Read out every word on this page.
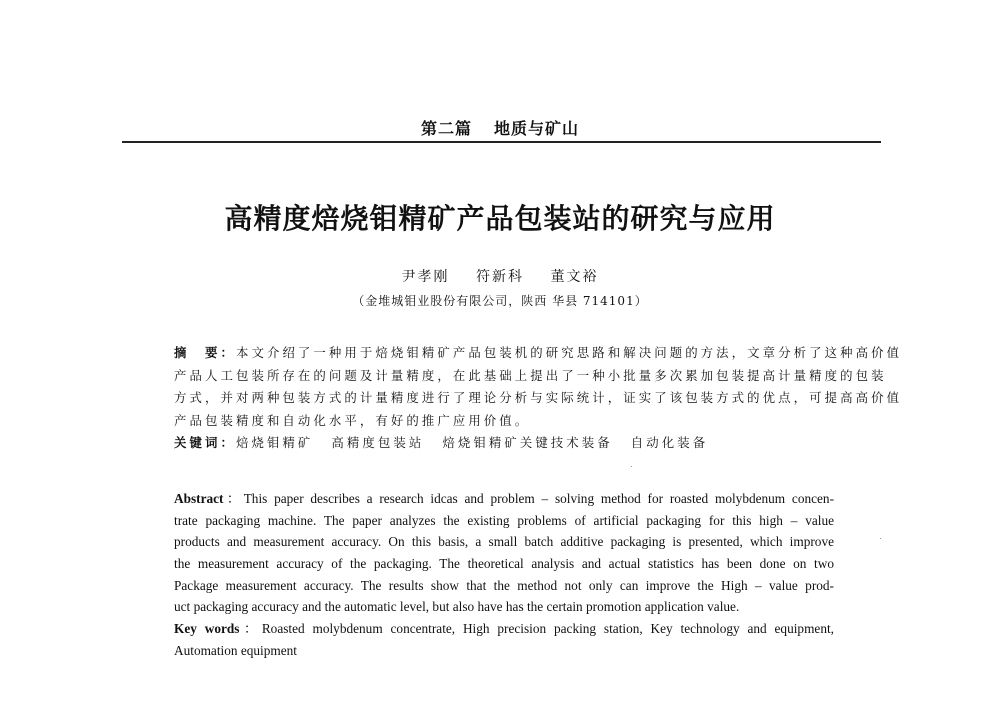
第二篇 地质与矿山
高精度焙烧钼精矿产品包装站的研究与应用
尹孝刚 符新科 董文裕
（金堆城钼业股份有限公司，陕西 华县 714101）
摘　要：本文介绍了一种用于焙烧钼精矿产品包装机的研究思路和解决问题的方法，文章分析了这种高价值
产品人工包装所存在的问题及计量精度，在此基础上提出了一种小批量多次累加包装提高计量精度的包装
方式，并对两种包装方式的计量精度进行了理论分析与实际统计，证实了该包装方式的优点，可提高高价值
产品包装精度和自动化水平，有好的推广应用价值。
关键词：焙烧钼精矿 高精度包装站 焙烧钼精矿关键技术装备 自动化装备
Abstract：This paper describes a research idcas and problem – solving method for roasted molybdenum concen-
trate packaging machine. The paper analyzes the existing problems of artificial packaging for this high – value
products and measurement accuracy. On this basis, a small batch additive packaging is presented, which improve
the measurement accuracy of the packaging. The theoretical analysis and actual statistics has been done on two
Package measurement accuracy. The results show that the method not only can improve the High – value prod-
uct packaging accuracy and the automatic level, but also have has the certain promotion application value.
Key words：Roasted molybdenum concentrate, High precision packing station, Key technology and equipment,
Automation equipment
